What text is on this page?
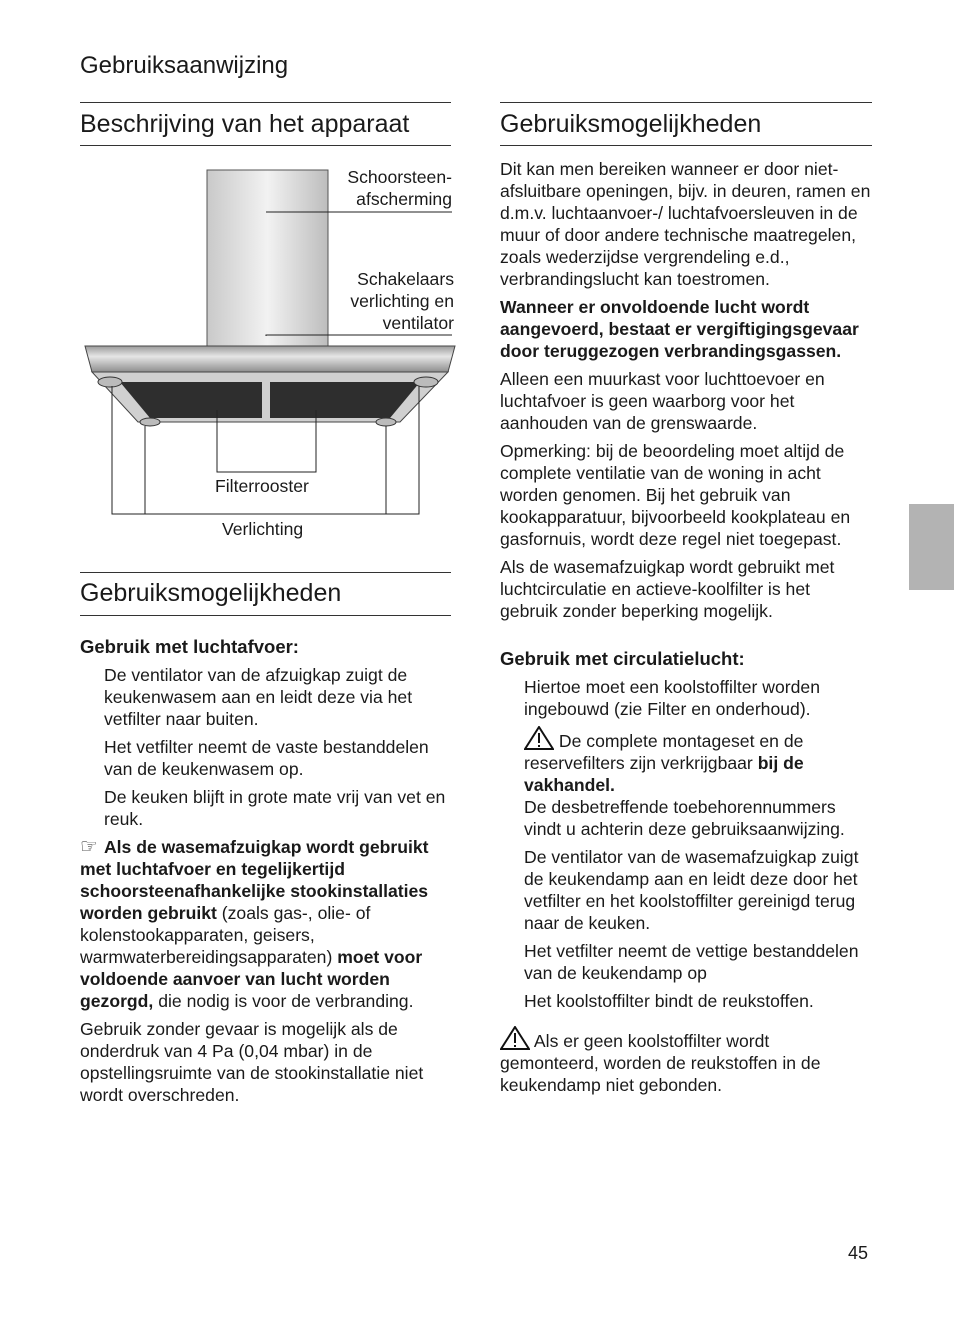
Gebruiksaanwijzing
Beschrijving van het apparaat
Schoorsteen-
afscherming
Schakelaars
verlichting en
ventilator
Filterrooster
Verlichting
Gebruiksmogelijkheden
Gebruik met luchtafvoer:

De ventilator van de afzuigkap zuigt de keukenwasem aan en leidt deze via het vetfilter naar buiten.

Het vetfilter neemt de vaste bestanddelen van de keukenwasem op.

De keuken blijft in grote mate vrij van vet en reuk.

☞ Als de wasemafzuigkap wordt gebruikt met luchtafvoer en tegelijkertijd schoorsteenafhankelijke stookinstallaties worden gebruikt (zoals gas-, olie- of kolenstookapparaten, geisers, warmwaterbereidingsapparaten) moet voor voldoende aanvoer van lucht worden gezorgd, die nodig is voor de verbranding.

Gebruik zonder gevaar is mogelijk als de onderdruk van 4 Pa (0,04 mbar) in de opstellingsruimte van de stookinstallatie niet wordt overschreden.

Gebruiksmogelijkheden

Dit kan men bereiken wanneer er door niet-afsluitbare openingen, bijv. in deuren, ramen en d.m.v. luchtaanvoer-/ luchtafvoersleuven in de muur of door andere technische maatregelen, zoals wederzijdse vergrendeling e.d., verbrandingslucht kan toestromen.

Wanneer er onvoldoende lucht wordt aangevoerd, bestaat er vergiftigingsgevaar door teruggezogen verbrandingsgassen.

Alleen een muurkast voor luchttoevoer en luchtafvoer is geen waarborg voor het aanhouden van de grenswaarde.

Opmerking: bij de beoordeling moet altijd de complete ventilatie van de woning in acht worden genomen. Bij het gebruik van kookapparatuur, bijvoorbeeld kookplateau en gasfornuis, wordt deze regel niet toegepast.

Als de wasemafzuigkap wordt gebruikt met luchtcirculatie en actieve-koolfilter is het gebruik zonder beperking mogelijk.

Gebruik met circulatielucht:

Hiertoe moet een koolstoffilter worden ingebouwd (zie Filter en onderhoud).

De complete montageset en de reservefilters zijn verkrijgbaar bij de vakhandel.
De desbetreffende toebehorennummers vindt u achterin deze gebruiksaanwijzing.

De ventilator van de wasemafzuigkap zuigt de keukendamp aan en leidt deze door het vetfilter en het koolstoffilter gereinigd terug naar de keuken.

Het vetfilter neemt de vettige bestanddelen van de keukendamp op

Het koolstoffilter bindt de reukstoffen.

Als er geen koolstoffilter wordt gemonteerd, worden de reukstoffen in de keukendamp niet gebonden.

45
